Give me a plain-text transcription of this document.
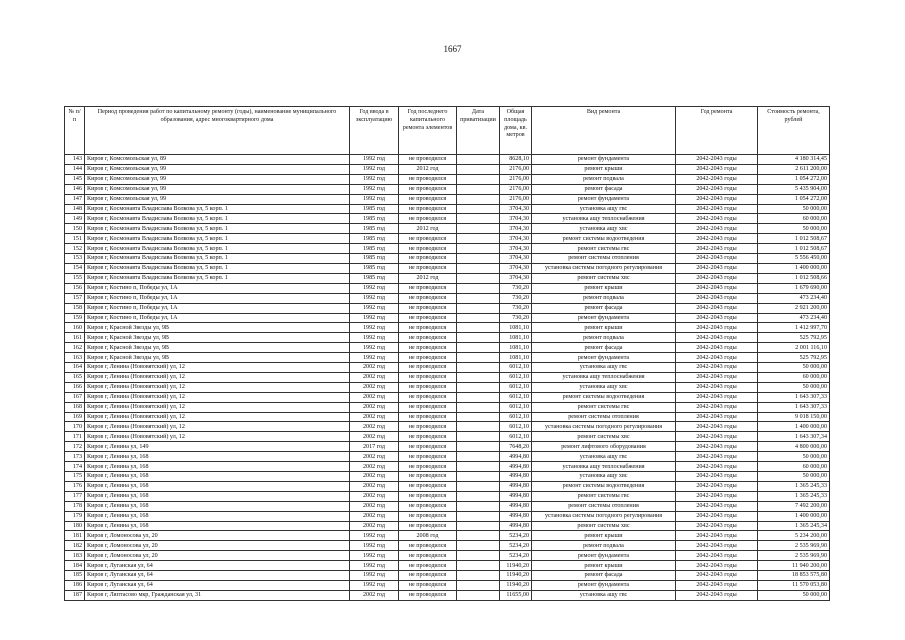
1667
№ п/п	Период проведения работ по капитальному ремонту (годы), наименование муниципального образования, адрес многоквартирного дома	Год ввода в эксплуатацию	Год последнего капитального ремонта элементов	Дата приватизации	Общая площадь дома, кв. метров	Вид ремонта	Год ремонта	Стоимость ремонта, рублей
143	Киров г, Комсомольская ул, 89	1992 год	не проводился		8628,10	ремонт фундамента	2042-2043 годы	4 180 314,45
144	Киров г, Комсомольская ул, 99	1992 год	2012 год		2176,00	ремонт крыши	2042-2043 годы	2 611 200,00
145	Киров г, Комсомольская ул, 99	1992 год	не проводился		2176,00	ремонт подвала	2042-2043 годы	1 054 272,00
146	Киров г, Комсомольская ул, 99	1992 год	не проводился		2176,00	ремонт фасада	2042-2043 годы	5 435 904,00
147	Киров г, Комсомольская ул, 99	1992 год	не проводился		2176,00	ремонт фундамента	2042-2043 годы	1 054 272,00
148	Киров г, Космонавта Владислава Волкова ул, 5 корп. 1	1985 год	не проводился		3704,30	установка ащу гвс	2042-2043 годы	50 000,00
149	Киров г, Космонавта Владислава Волкова ул, 5 корп. 1	1985 год	не проводился		3704,30	установка ащу теплоснабжения	2042-2043 годы	60 000,00
150	Киров г, Космонавта Владислава Волкова ул, 5 корп. 1	1985 год	2012 год		3704,30	установка ащу хвс	2042-2043 годы	50 000,00
151	Киров г, Космонавта Владислава Волкова ул, 5 корп. 1	1985 год	не проводился		3704,30	ремонт системы водоотведения	2042-2043 годы	1 012 508,67
152	Киров г, Космонавта Владислава Волкова ул, 5 корп. 1	1985 год	не проводился		3704,30	ремонт системы гвс	2042-2043 годы	1 012 508,67
153	Киров г, Космонавта Владислава Волкова ул, 5 корп. 1	1985 год	не проводился		3704,30	ремонт системы отопления	2042-2043 годы	5 556 450,00
154	Киров г, Космонавта Владислава Волкова ул, 5 корп. 1	1985 год	не проводился		3704,30	установка системы погодного регулирования	2042-2043 годы	1 400 000,00
155	Киров г, Космонавта Владислава Волкова ул, 5 корп. 1	1985 год	2012 год		3704,30	ремонт системы хвс	2042-2043 годы	1 012 508,66
156	Киров г, Костино п, Победы ул, 1А	1992 год	не проводился		730,20	ремонт крыши	2042-2043 годы	1 679 690,00
157	Киров г, Костино п, Победы ул, 1А	1992 год	не проводился		730,20	ремонт подвала	2042-2043 годы	473 234,40
158	Киров г, Костино п, Победы ул, 1А	1992 год	не проводился		730,20	ремонт фасада	2042-2043 годы	2 921 200,00
159	Киров г, Костино п, Победы ул, 1А	1992 год	не проводился		730,20	ремонт фундамента	2042-2043 годы	473 234,40
160	Киров г, Красной Звезды ул, 9В	1992 год	не проводился		1081,10	ремонт крыши	2042-2043 годы	1 412 997,70
161	Киров г, Красной Звезды ул, 9В	1992 год	не проводился		1081,10	ремонт подвала	2042-2043 годы	525 792,95
162	Киров г, Красной Звезды ул, 9В	1992 год	не проводился		1081,10	ремонт фасада	2042-2043 годы	2 001 116,10
163	Киров г, Красной Звезды ул, 9В	1992 год	не проводился		1081,10	ремонт фундамента	2042-2043 годы	525 792,95
164	Киров г, Ленина (Нововятский) ул, 12	2002 год	не проводился		6012,10	установка ащу гвс	2042-2043 годы	50 000,00
165	Киров г, Ленина (Нововятский) ул, 12	2002 год	не проводился		6012,10	установка ащу теплоснабжения	2042-2043 годы	60 000,00
166	Киров г, Ленина (Нововятский) ул, 12	2002 год	не проводился		6012,10	установка ащу хвс	2042-2043 годы	50 000,00
167	Киров г, Ленина (Нововятский) ул, 12	2002 год	не проводился		6012,10	ремонт системы водоотведения	2042-2043 годы	1 643 307,33
168	Киров г, Ленина (Нововятский) ул, 12	2002 год	не проводился		6012,10	ремонт системы гвс	2042-2043 годы	1 643 307,33
169	Киров г, Ленина (Нововятский) ул, 12	2002 год	не проводился		6012,10	ремонт системы отопления	2042-2043 годы	9 018 150,00
170	Киров г, Ленина (Нововятский) ул, 12	2002 год	не проводился		6012,10	установка системы погодного регулирования	2042-2043 годы	1 400 000,00
171	Киров г, Ленина (Нововятский) ул, 12	2002 год	не проводился		6012,10	ремонт системы хвс	2042-2043 годы	1 643 307,34
172	Киров г, Ленина ул, 149	2017 год	не проводился		7648,20	ремонт лифтового оборудования	2042-2043 годы	4 800 000,00
173	Киров г, Ленина ул, 168	2002 год	не проводился		4994,80	установка ащу гвс	2042-2043 годы	50 000,00
174	Киров г, Ленина ул, 168	2002 год	не проводился		4994,80	установка ащу теплоснабжения	2042-2043 годы	60 000,00
175	Киров г, Ленина ул, 168	2002 год	не проводился		4994,80	установка ащу хвс	2042-2043 годы	50 000,00
176	Киров г, Ленина ул, 168	2002 год	не проводился		4994,80	ремонт системы водоотведения	2042-2043 годы	1 365 245,33
177	Киров г, Ленина ул, 168	2002 год	не проводился		4994,80	ремонт системы гвс	2042-2043 годы	1 365 245,33
178	Киров г, Ленина ул, 168	2002 год	не проводился		4994,80	ремонт системы отопления	2042-2043 годы	7 492 200,00
179	Киров г, Ленина ул, 168	2002 год	не проводился		4994,80	установка системы погодного регулирования	2042-2043 годы	1 400 000,00
180	Киров г, Ленина ул, 168	2002 год	не проводился		4994,80	ремонт системы хвс	2042-2043 годы	1 365 245,34
181	Киров г, Ломоносова ул, 20	1992 год	2008 год		5234,20	ремонт крыши	2042-2043 годы	5 234 200,00
182	Киров г, Ломоносова ул, 20	1992 год	не проводился		5234,20	ремонт подвала	2042-2043 годы	2 535 969,90
183	Киров г, Ломоносова ул, 20	1992 год	не проводился		5234,20	ремонт фундамента	2042-2043 годы	2 535 969,90
184	Киров г, Луганская ул, 64	1992 год	не проводился		11940,20	ремонт крыши	2042-2043 годы	11 940 200,00
185	Киров г, Луганская ул, 64	1992 год	не проводился		11940,20	ремонт фасада	2042-2043 годы	18 853 575,80
186	Киров г, Луганская ул, 64	1992 год	не проводился		11940,20	ремонт фундамента	2042-2043 годы	11 570 053,80
187	Киров г, Ляптасово мкр, Гражданская ул, 31	2002 год	не проводился		11655,00	установка ащу гвс	2042-2043 годы	50 000,00
